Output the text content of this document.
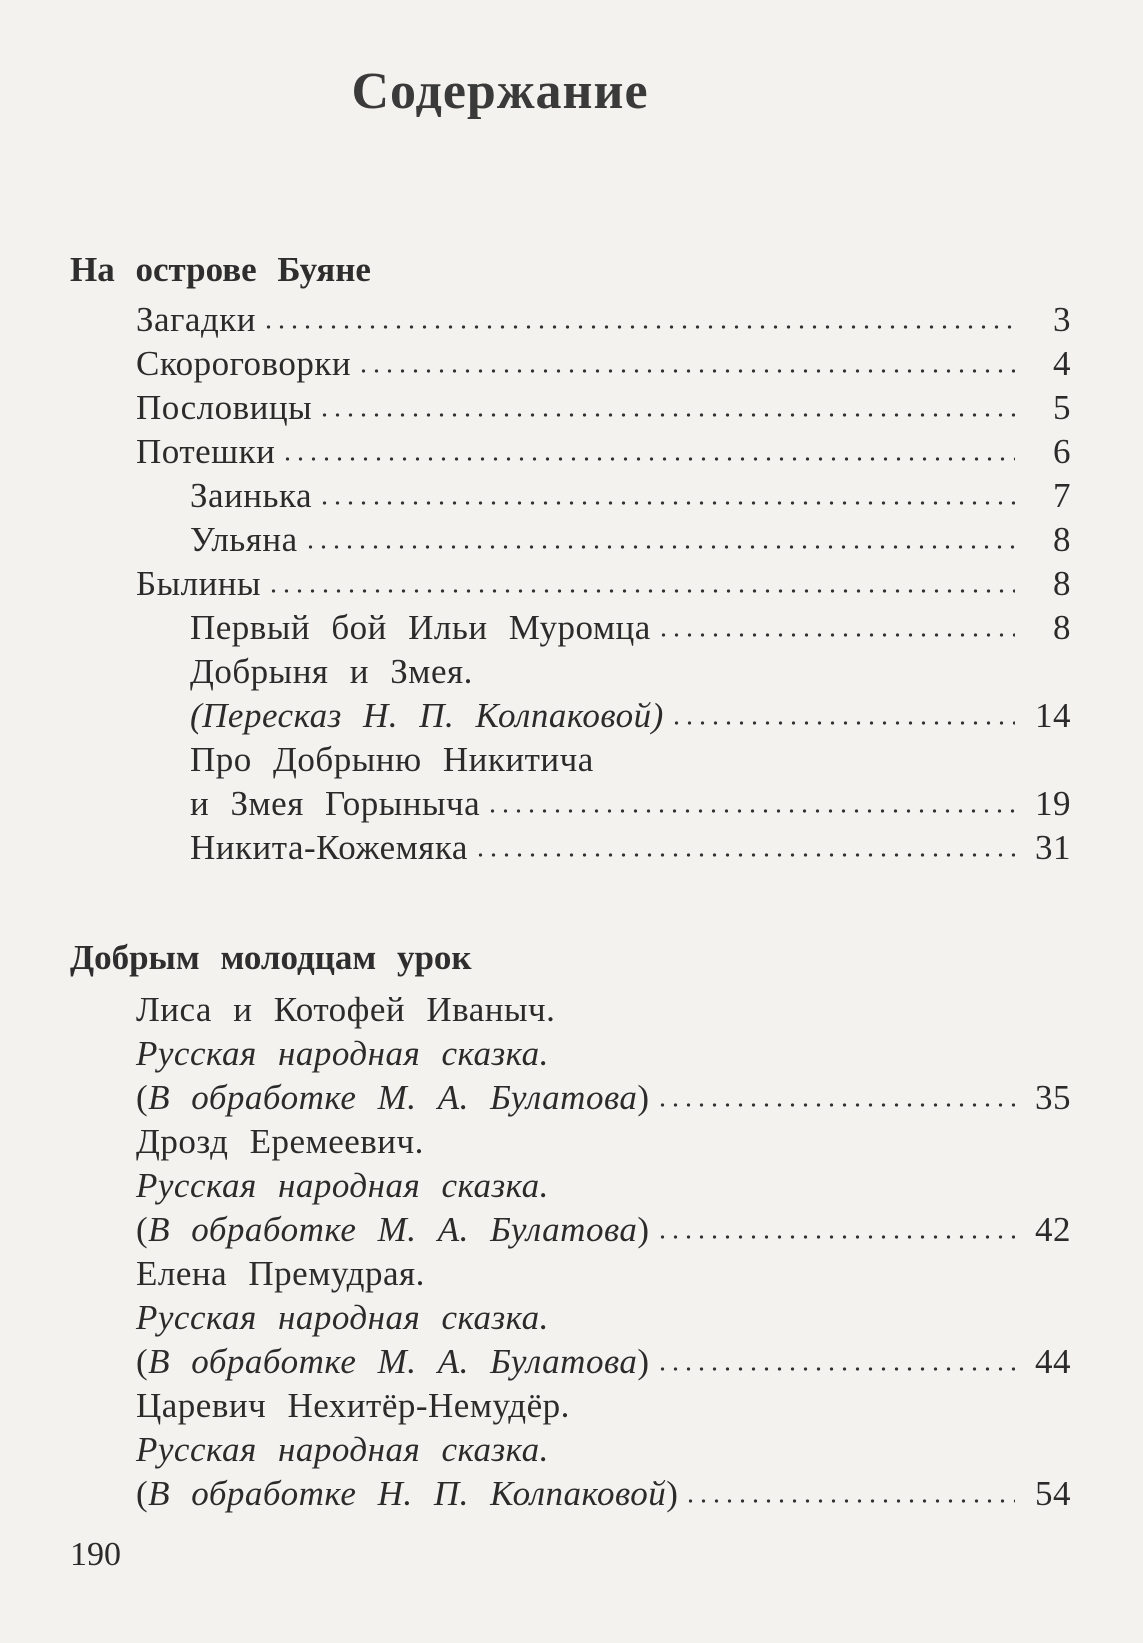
Содержание
На острове Буяне
Загадки	3
Скороговорки	4
Пословицы	5
Потешки	6
Заинька	7
Ульяна	8
Былины	8
Первый бой Ильи Муромца	8
Добрыня и Змея.
(Пересказ Н. П. Колпаковой)	14
Про Добрыню Никитича
и Змея Горыныча	19
Никита-Кожемяка	31
Добрым молодцам урок
Лиса и Котофей Иваныч.
Русская народная сказка.
(В обработке М. А. Булатова)	35
Дрозд Еремеевич.
Русская народная сказка.
(В обработке М. А. Булатова)	42
Елена Премудрая.
Русская народная сказка.
(В обработке М. А. Булатова)	44
Царевич Нехитёр-Немудёр.
Русская народная сказка.
(В обработке Н. П. Колпаковой)	54
190
